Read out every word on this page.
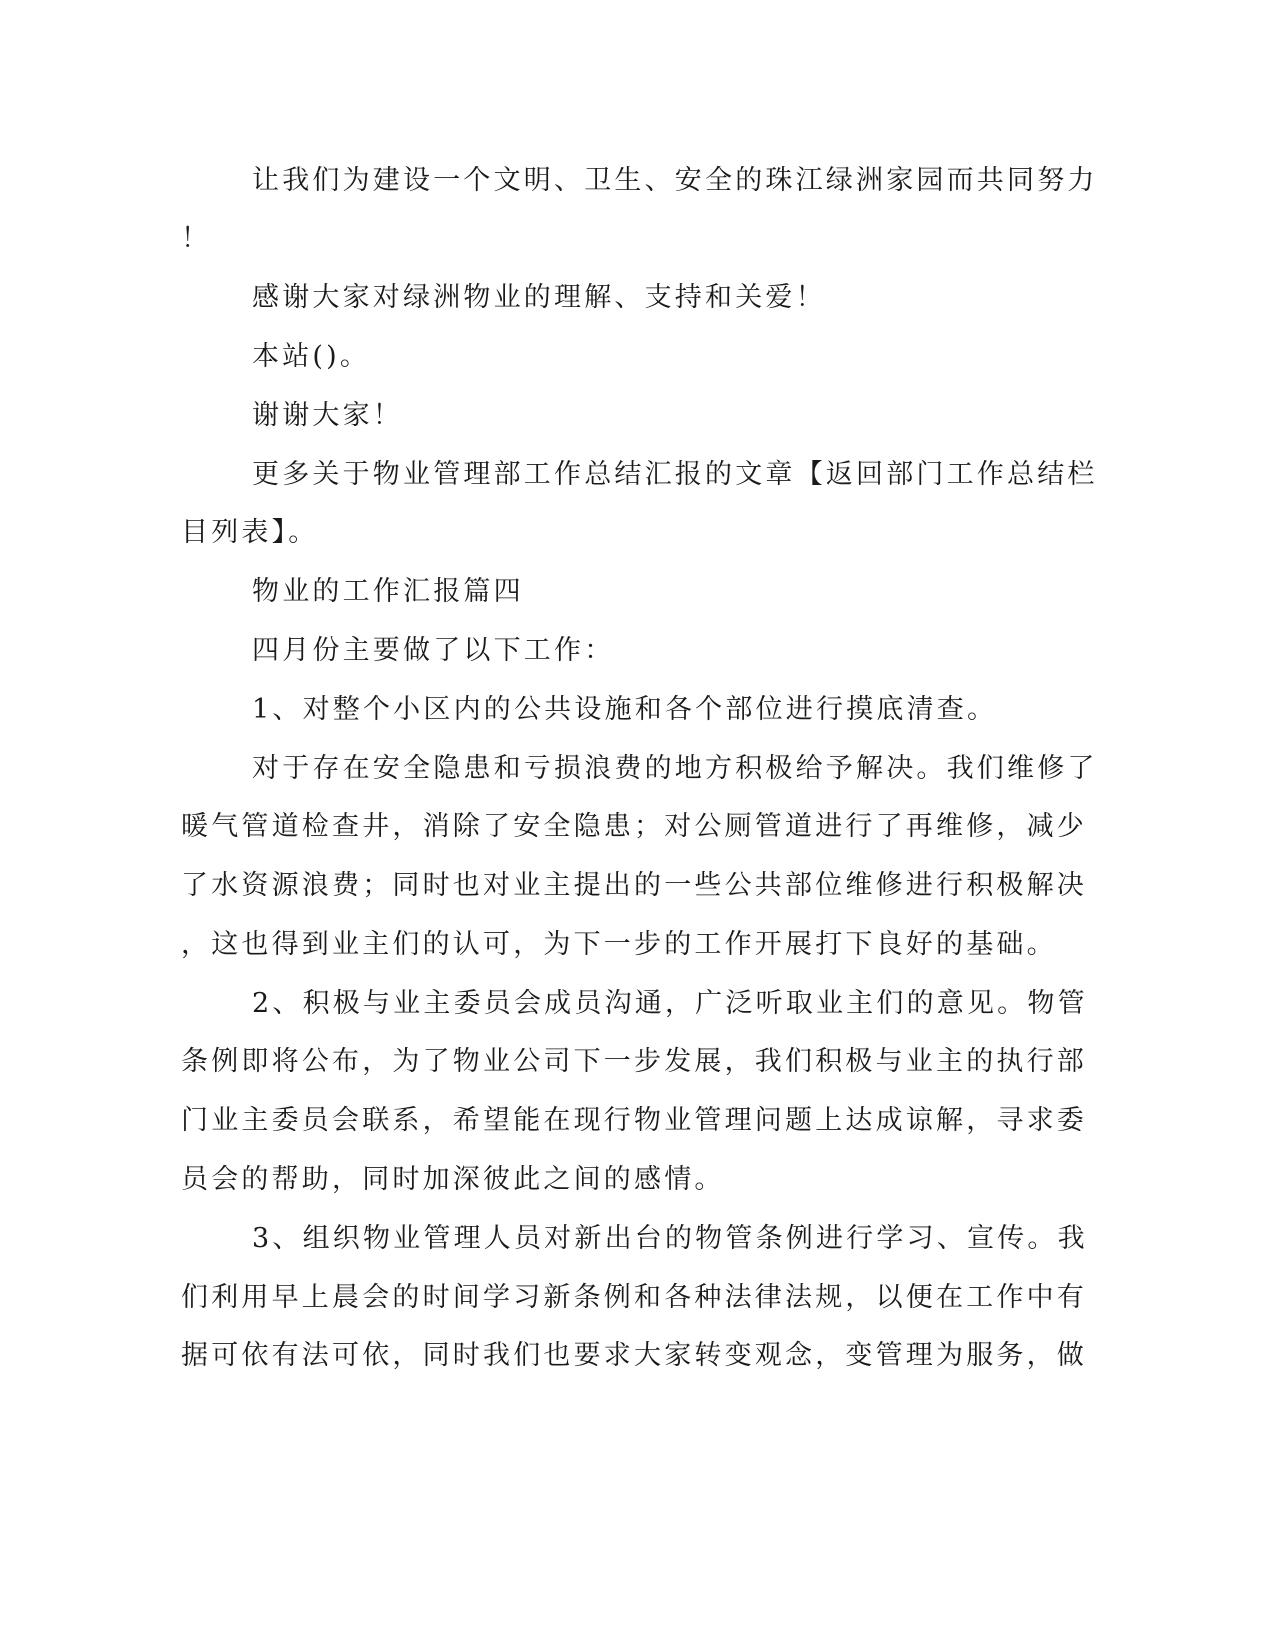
让我们为建设一个文明、卫生、安全的珠江绿洲家园而共同努力
！
感谢大家对绿洲物业的理解、支持和关爱！
本站()。
谢谢大家！
更多关于物业管理部工作总结汇报的文章【返回部门工作总结栏
目列表】。
物业的工作汇报篇四
四月份主要做了以下工作：
1、对整个小区内的公共设施和各个部位进行摸底清查。
对于存在安全隐患和亏损浪费的地方积极给予解决。我们维修了
暖气管道检查井，消除了安全隐患；对公厕管道进行了再维修，减少
了水资源浪费；同时也对业主提出的一些公共部位维修进行积极解决
，这也得到业主们的认可，为下一步的工作开展打下良好的基础。
2、积极与业主委员会成员沟通，广泛听取业主们的意见。物管
条例即将公布，为了物业公司下一步发展，我们积极与业主的执行部
门业主委员会联系，希望能在现行物业管理问题上达成谅解，寻求委
员会的帮助，同时加深彼此之间的感情。
3、组织物业管理人员对新出台的物管条例进行学习、宣传。我
们利用早上晨会的时间学习新条例和各种法律法规，以便在工作中有
据可依有法可依，同时我们也要求大家转变观念，变管理为服务，做
